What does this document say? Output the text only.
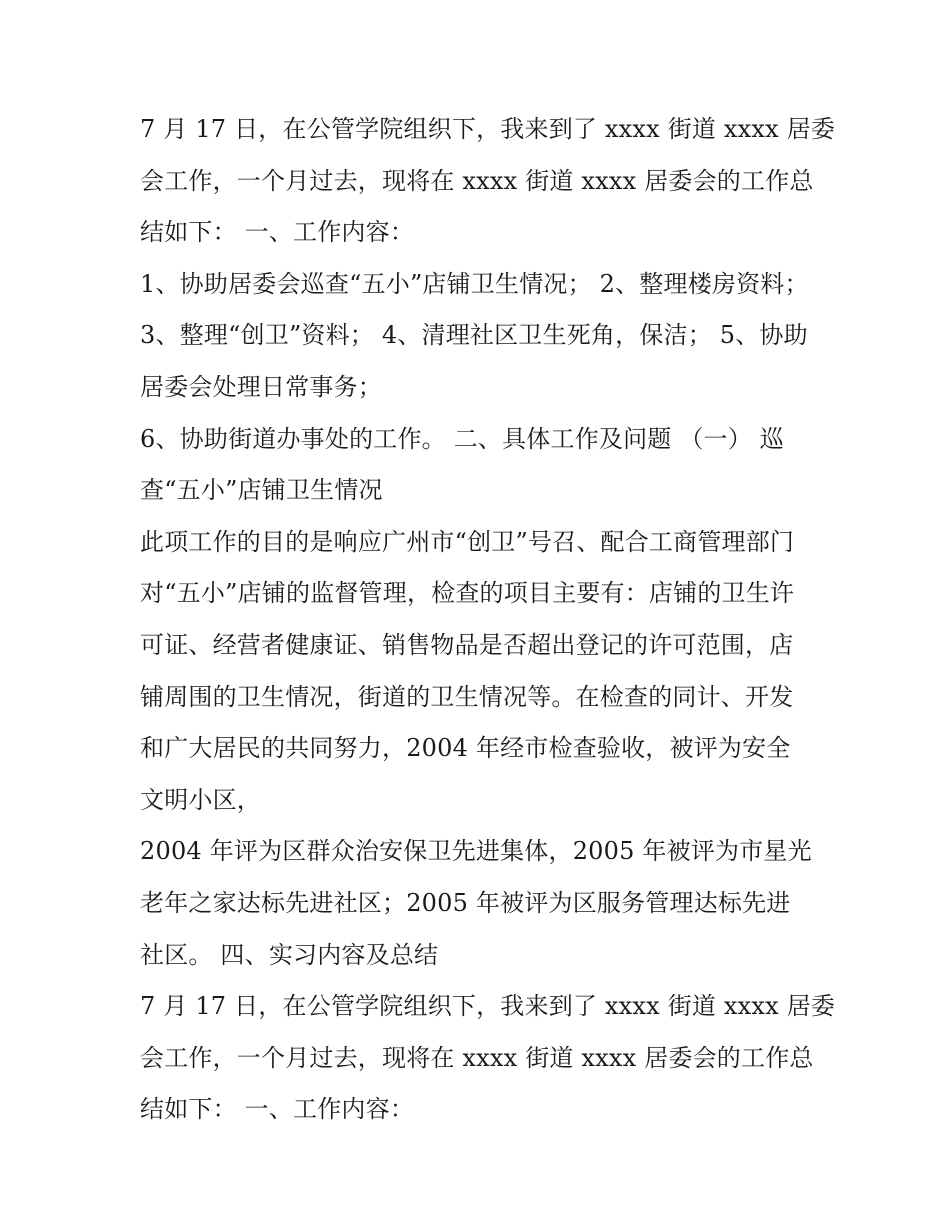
7 月 17 日，在公管学院组织下，我来到了 xxxx 街道 xxxx 居委
会工作，一个月过去，现将在 xxxx 街道 xxxx 居委会的工作总
结如下： 一、工作内容：
1、协助居委会巡查“五小”店铺卫生情况； 2、整理楼房资料；
3、整理“创卫”资料； 4、清理社区卫生死角，保洁； 5、协助
居委会处理日常事务；
6、协助街道办事处的工作。 二、具体工作及问题 （一） 巡
查“五小”店铺卫生情况
此项工作的目的是响应广州市“创卫”号召、配合工商管理部门
对“五小”店铺的监督管理，检查的项目主要有：店铺的卫生许
可证、经营者健康证、销售物品是否超出登记的许可范围，店
铺周围的卫生情况，街道的卫生情况等。在检查的同计、开发
和广大居民的共同努力，2004 年经市检查验收，被评为安全
文明小区，
2004 年评为区群众治安保卫先进集体，2005 年被评为市星光
老年之家达标先进社区；2005 年被评为区服务管理达标先进
社区。 四、实习内容及总结
7 月 17 日，在公管学院组织下，我来到了 xxxx 街道 xxxx 居委
会工作，一个月过去，现将在 xxxx 街道 xxxx 居委会的工作总
结如下： 一、工作内容：
